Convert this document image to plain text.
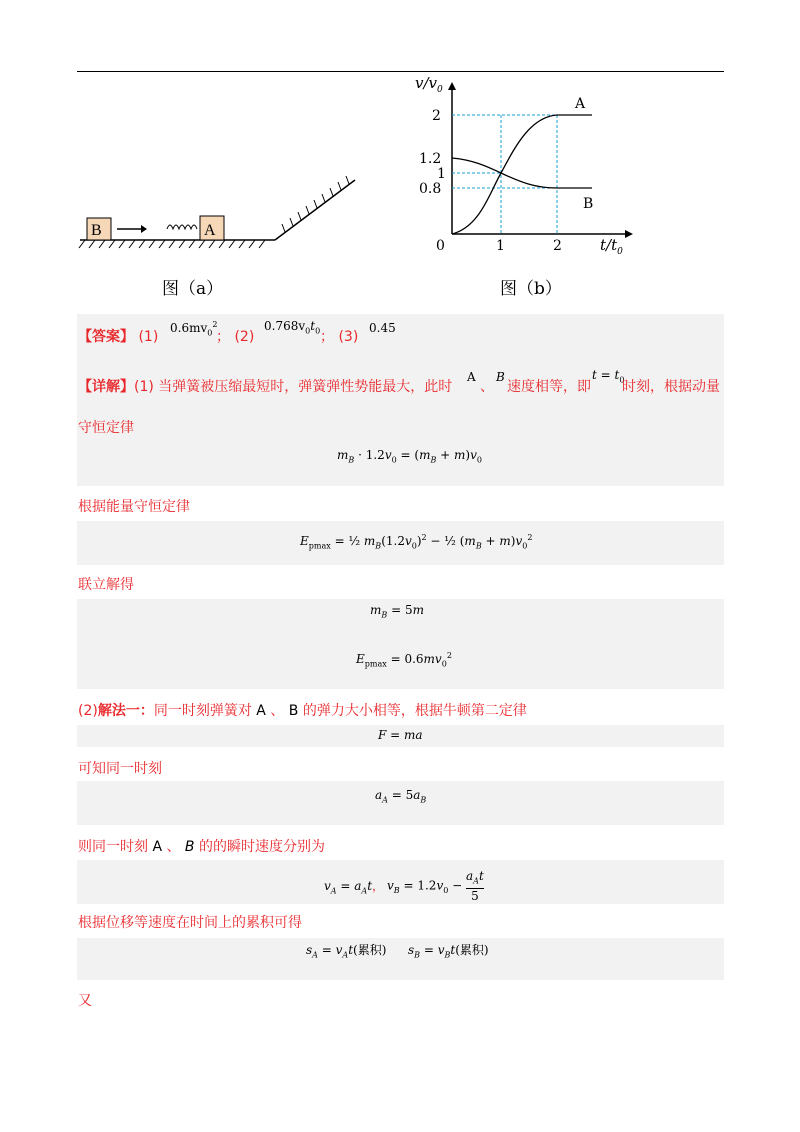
B	A
图（a）
2
1.2
1
0.8
0	1	2
A
B
$v/v_0$
$t/t_0$
图（b）
【答案】 (1)
$0.6mv_0^2$
； (2)
$0.768v_0t_0$ ； (3)
0.45
【详解】(1) 当弹簧被压缩最短时，弹簧弹性势能最大，此时
A
、
B
速度相等，即
$t = t_0$
时刻，根据动量
守恒定律
$m_B \cdot 1.2v_0 = (m_B + m)v_0$
根据能量守恒定律
$E_{pmax}$ = ½ $m_B(1.2v_0)^2$ − ½ $(m_B + m)v_0^2$
联立解得
$m_B = 5m$
$E_{pmax} = 0.6mv_0^2$
(2)解法一：同一时刻弹簧对 A 、 B 的弹力大小相等，根据牛顿第二定律
F = ma
可知同一时刻
$a_A = 5a_B$
则同一时刻 A 、 B 的的瞬时速度分别为
$v_A = a_At$， $v_B = 1.2v_0$ −
$a_At$
5
根据位移等速度在时间上的累积可得
$s_A = v_At$(累积) $s_B = v_Bt$(累积)
又
